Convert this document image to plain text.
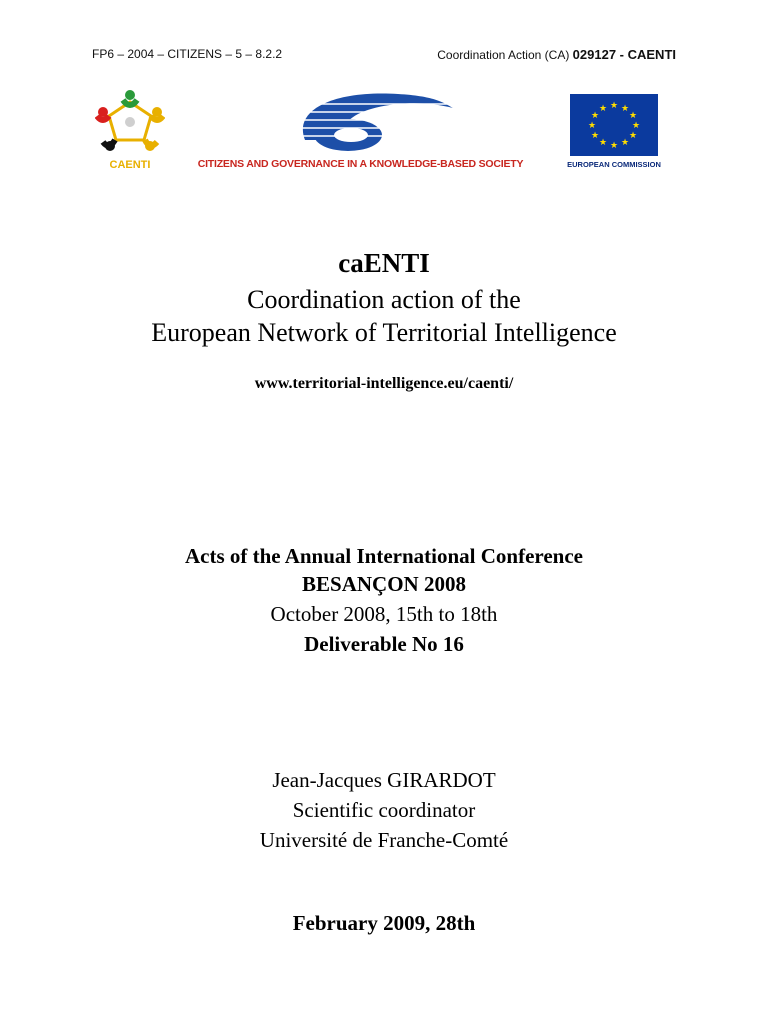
FP6 – 2004 – CITIZENS – 5 – 8.2.2	Coordination Action (CA) 029127 - CAENTI
CAENTI	CITIZENS AND GOVERNANCE IN A KNOWLEDGE-BASED SOCIETY
★ ★
★
★
★
★
★
★
★
★
★
★
EUROPEAN COMMISSION
caENTI
Coordination action of the
European Network of Territorial Intelligence
www.territorial-intelligence.eu/caenti/
Acts of the Annual International Conference
BESANÇON 2008
October 2008, 15th to 18th
Deliverable No 16
Jean-Jacques GIRARDOT
Scientific coordinator
Université de Franche-Comté
February 2009, 28th
